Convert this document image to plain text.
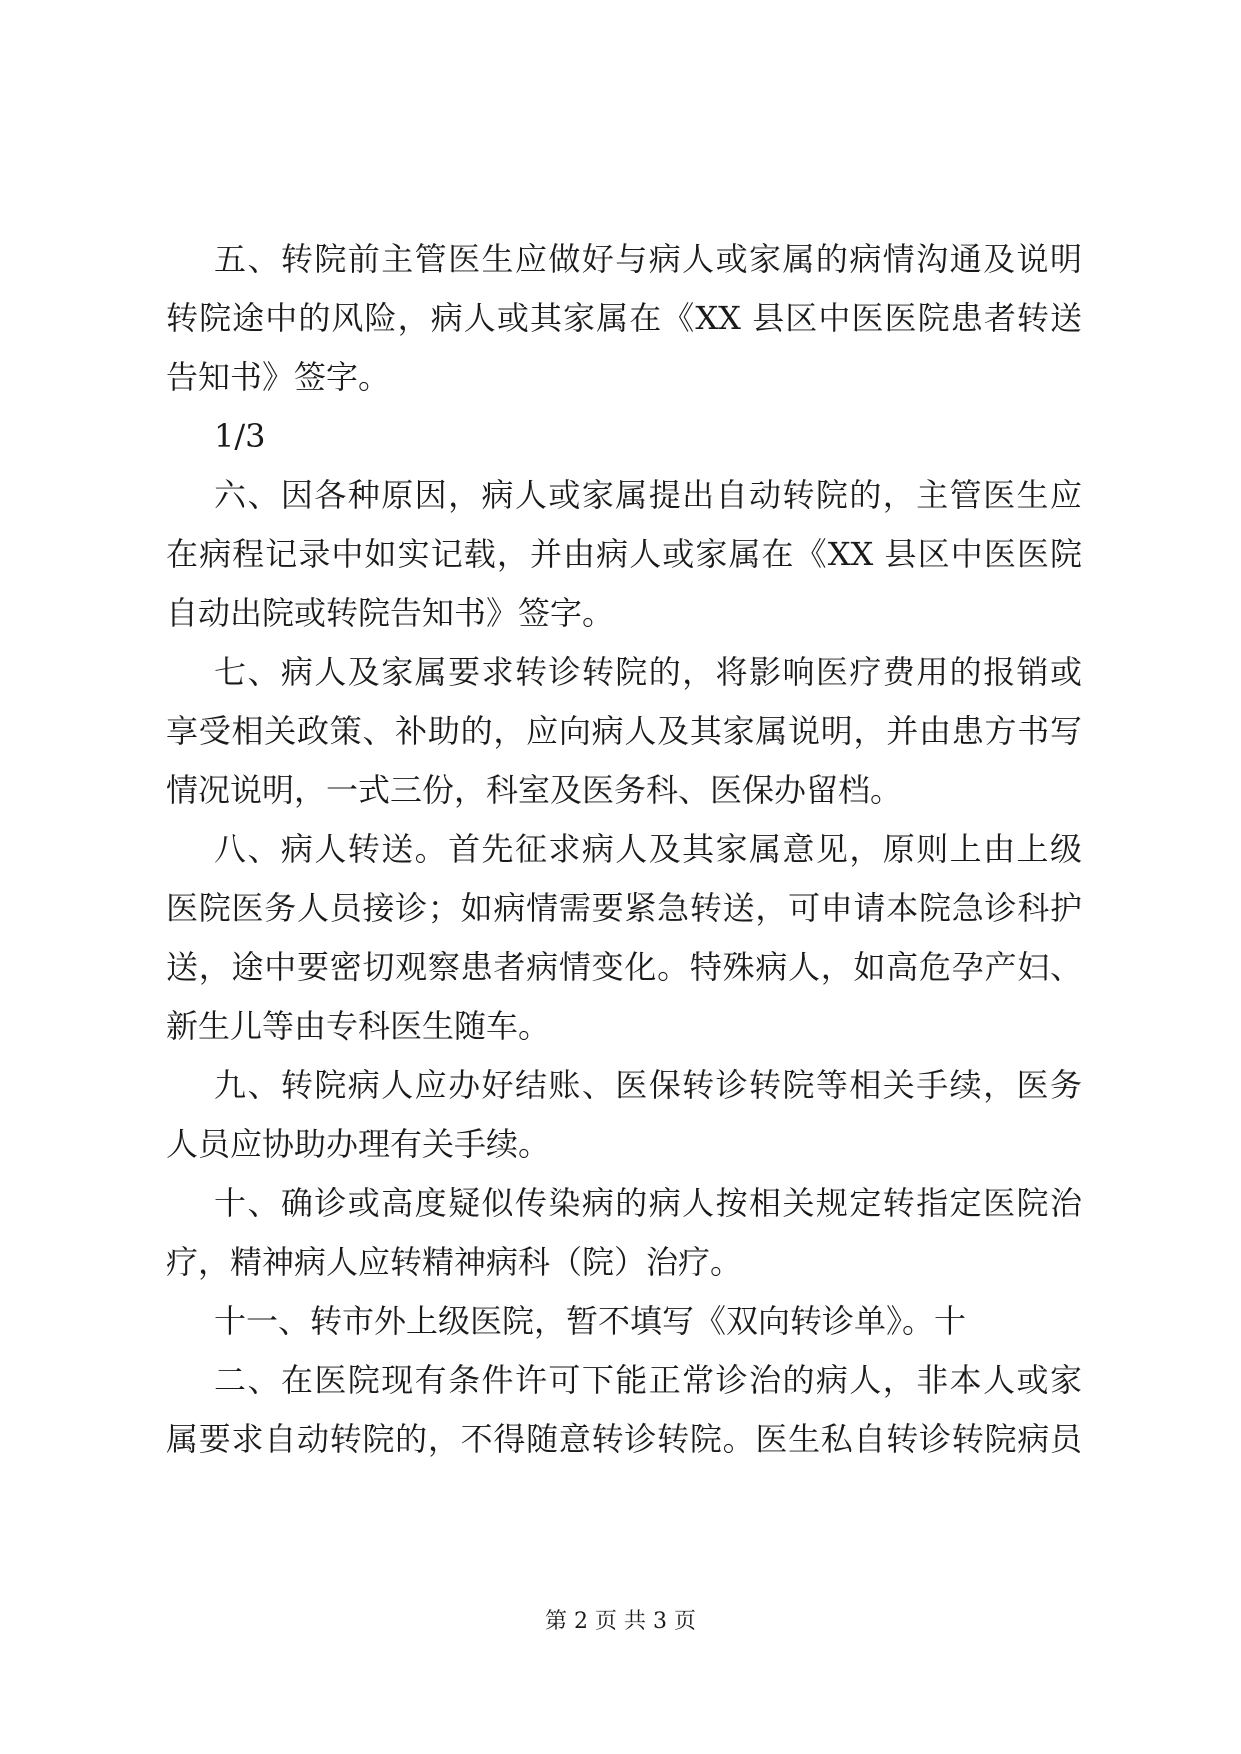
五、转院前主管医生应做好与病人或家属的病情沟通及说明
转院途中的风险，病人或其家属在《XX 县区中医医院患者转送
告知书》签字。
1/3
六、因各种原因，病人或家属提出自动转院的，主管医生应
在病程记录中如实记载，并由病人或家属在《XX 县区中医医院
自动出院或转院告知书》签字。
七、病人及家属要求转诊转院的，将影响医疗费用的报销或
享受相关政策、补助的，应向病人及其家属说明，并由患方书写
情况说明，一式三份，科室及医务科、医保办留档。
八、病人转送。首先征求病人及其家属意见，原则上由上级
医院医务人员接诊；如病情需要紧急转送，可申请本院急诊科护
送，途中要密切观察患者病情变化。特殊病人，如高危孕产妇、
新生儿等由专科医生随车。
九、转院病人应办好结账、医保转诊转院等相关手续，医务
人员应协助办理有关手续。
十、确诊或高度疑似传染病的病人按相关规定转指定医院治
疗，精神病人应转精神病科（院）治疗。
十一、转市外上级医院，暂不填写《双向转诊单》。十
二、在医院现有条件许可下能正常诊治的病人，非本人或家
属要求自动转院的，不得随意转诊转院。医生私自转诊转院病员
第 2 页 共 3 页
